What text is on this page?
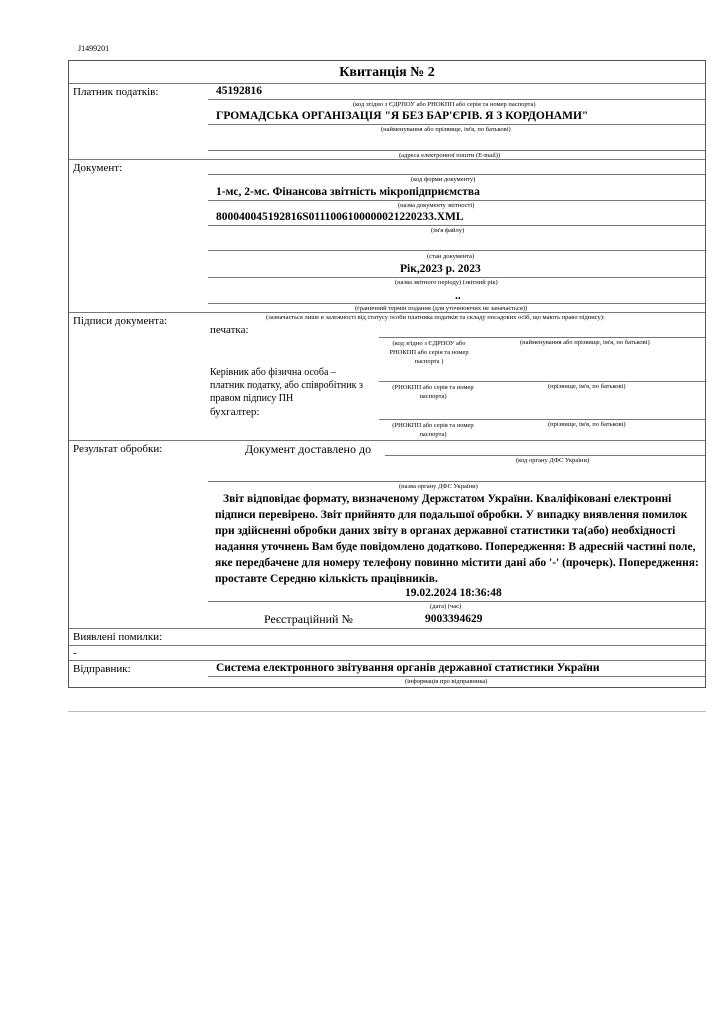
J1499201
Квитанція № 2
Платник податків:	45192816
(код згідно з ЄДРПОУ або РНОКПП або серія та номер паспорта)
ГРОМАДСЬКА ОРГАНІЗАЦІЯ "Я БЕЗ БАР'ЄРІВ. Я З КОРДОНАМИ"
(найменування або прізвище, ім'я, по батькові)
(адреса електронної пошти (E-mail))
Документ:
(код форми документу)
1-мс, 2-мс. Фінансова звітність мікропідприємства
(назва документу звітності)
800040045192816S0111006100000021220233.XML
(ім'я файлу)
(стан документа)
Рік,2023 р. 2023
(назва звітного періоду) (звітний рік)
..
(граничний термін подання (для уточнюючих не заначається))
Підписи документа:	(зазначається лише в залежності від статусу особи платника податків та складу посадових осіб, що мають право підпису):
печатка:
(код згідно з ЄДРПОУ або РНОКПП або серія та номер паспорта )
(найменування або прізвище, ім'я, по батькові)
Керівник або фізична особа – платник податку, або співробітник з правом підпису ПН
(РНОКПП або серія та номер паспорта)
(прізвище, ім'я, по батькові)
бухгалтер:
(РНОКПП або серія та номер паспорта)
(прізвище, ім'я, по батькові)
Результат обробки:	Документ доставлено до
(код органу ДФС України)
(назва органу ДФС України)
Звіт відповідає формату, визначеному Держстатом України. Кваліфіковані електронні підписи перевірено. Звіт прийнято для подальшої обробки. У випадку виявлення помилок при здійсненні обробки даних звіту в органах державної статистики та(або) необхідності надання уточнень Вам буде повідомлено додатково. Попередження: В адресній частині поле, яке передбачене для номеру телефону повинно містити дані або '-' (прочерк). Попередження: проставте Середню кількість працівників.
19.02.2024 18:36:48
(дата) (час)
Реєстраційний №	9003394629
Виявлені помилки:
-
Відправник:	Система електронного звітування органів державної статистики України
(інформація про відправника)
